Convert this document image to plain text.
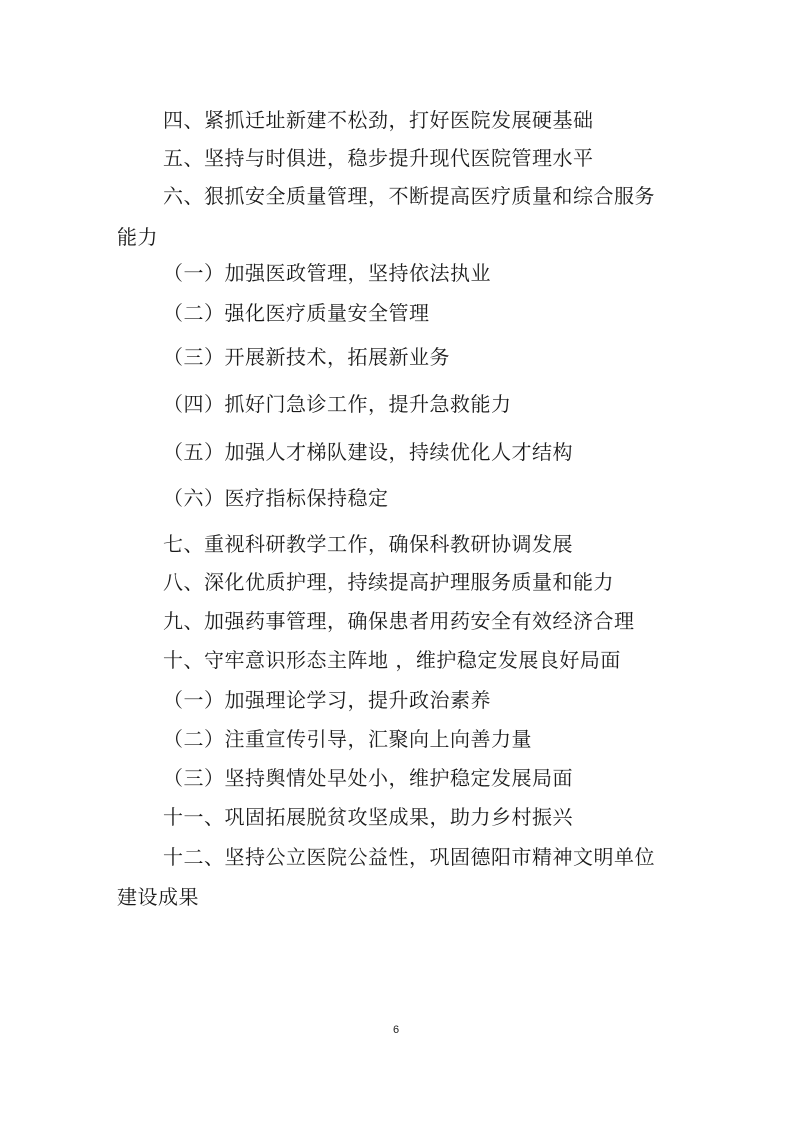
四、紧抓迁址新建不松劲，打好医院发展硬基础
五、坚持与时俱进，稳步提升现代医院管理水平
六、狠抓安全质量管理，不断提高医疗质量和综合服务
能力
（一）加强医政管理，坚持依法执业
（二）强化医疗质量安全管理
（三）开展新技术，拓展新业务
（四）抓好门急诊工作，提升急救能力
（五）加强人才梯队建设，持续优化人才结构
（六）医疗指标保持稳定
七、重视科研教学工作，确保科教研协调发展
八、深化优质护理，持续提高护理服务质量和能力
九、加强药事管理，确保患者用药安全有效经济合理
十、守牢意识形态主阵地 ，维护稳定发展良好局面
（一）加强理论学习，提升政治素养
（二）注重宣传引导，汇聚向上向善力量
（三）坚持舆情处早处小，维护稳定发展局面
十一、巩固拓展脱贫攻坚成果，助力乡村振兴
十二、坚持公立医院公益性，巩固德阳市精神文明单位
建设成果
6
